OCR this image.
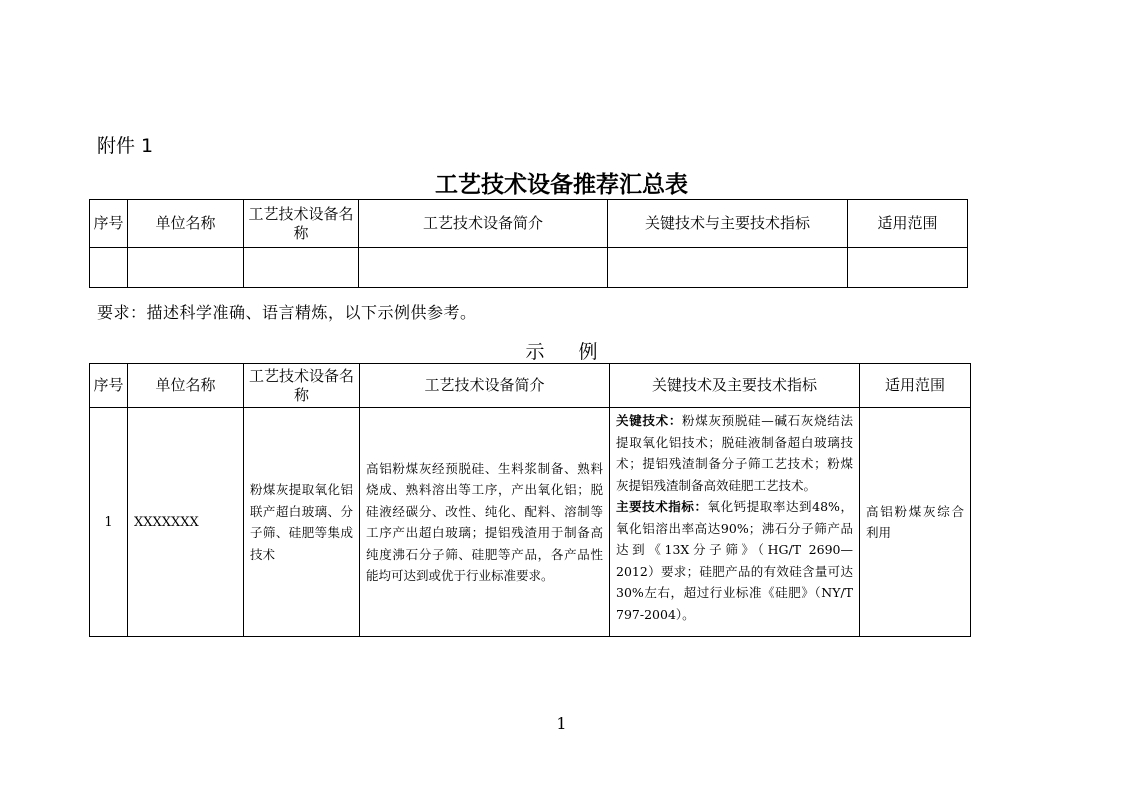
附件 1
工艺技术设备推荐汇总表
序号	单位名称	工艺技术设备名称	工艺技术设备简介	关键技术与主要技术指标	适用范围

要求：描述科学准确、语言精炼，以下示例供参考。
示例
序号	单位名称	工艺技术设备名称	工艺技术设备简介	关键技术及主要技术指标	适用范围
1	XXXXXXX	粉煤灰提取氧化铝联产超白玻璃、分子筛、硅肥等集成技术	高铝粉煤灰经预脱硅、生料浆制备、熟料烧成、熟料溶出等工序，产出氧化铝；脱硅液经碳分、改性、纯化、配料、溶制等工序产出超白玻璃；提铝残渣用于制备高纯度沸石分子筛、硅肥等产品，各产品性能均可达到或优于行业标准要求。	关键技术：粉煤灰预脱硅—碱石灰烧结法提取氧化铝技术；脱硅液制备超白玻璃技术；提铝残渣制备分子筛工艺技术；粉煤灰提铝残渣制备高效硅肥工艺技术。
主要技术指标：氧化钙提取率达到48%，氧化铝溶出率高达90%；沸石分子筛产品达到《13X分子筛》（HG/T 2690—2012）要求；硅肥产品的有效硅含量可达30%左右，超过行业标准《硅肥》（NY/T 797-2004）。	高铝粉煤灰综合利用
1
